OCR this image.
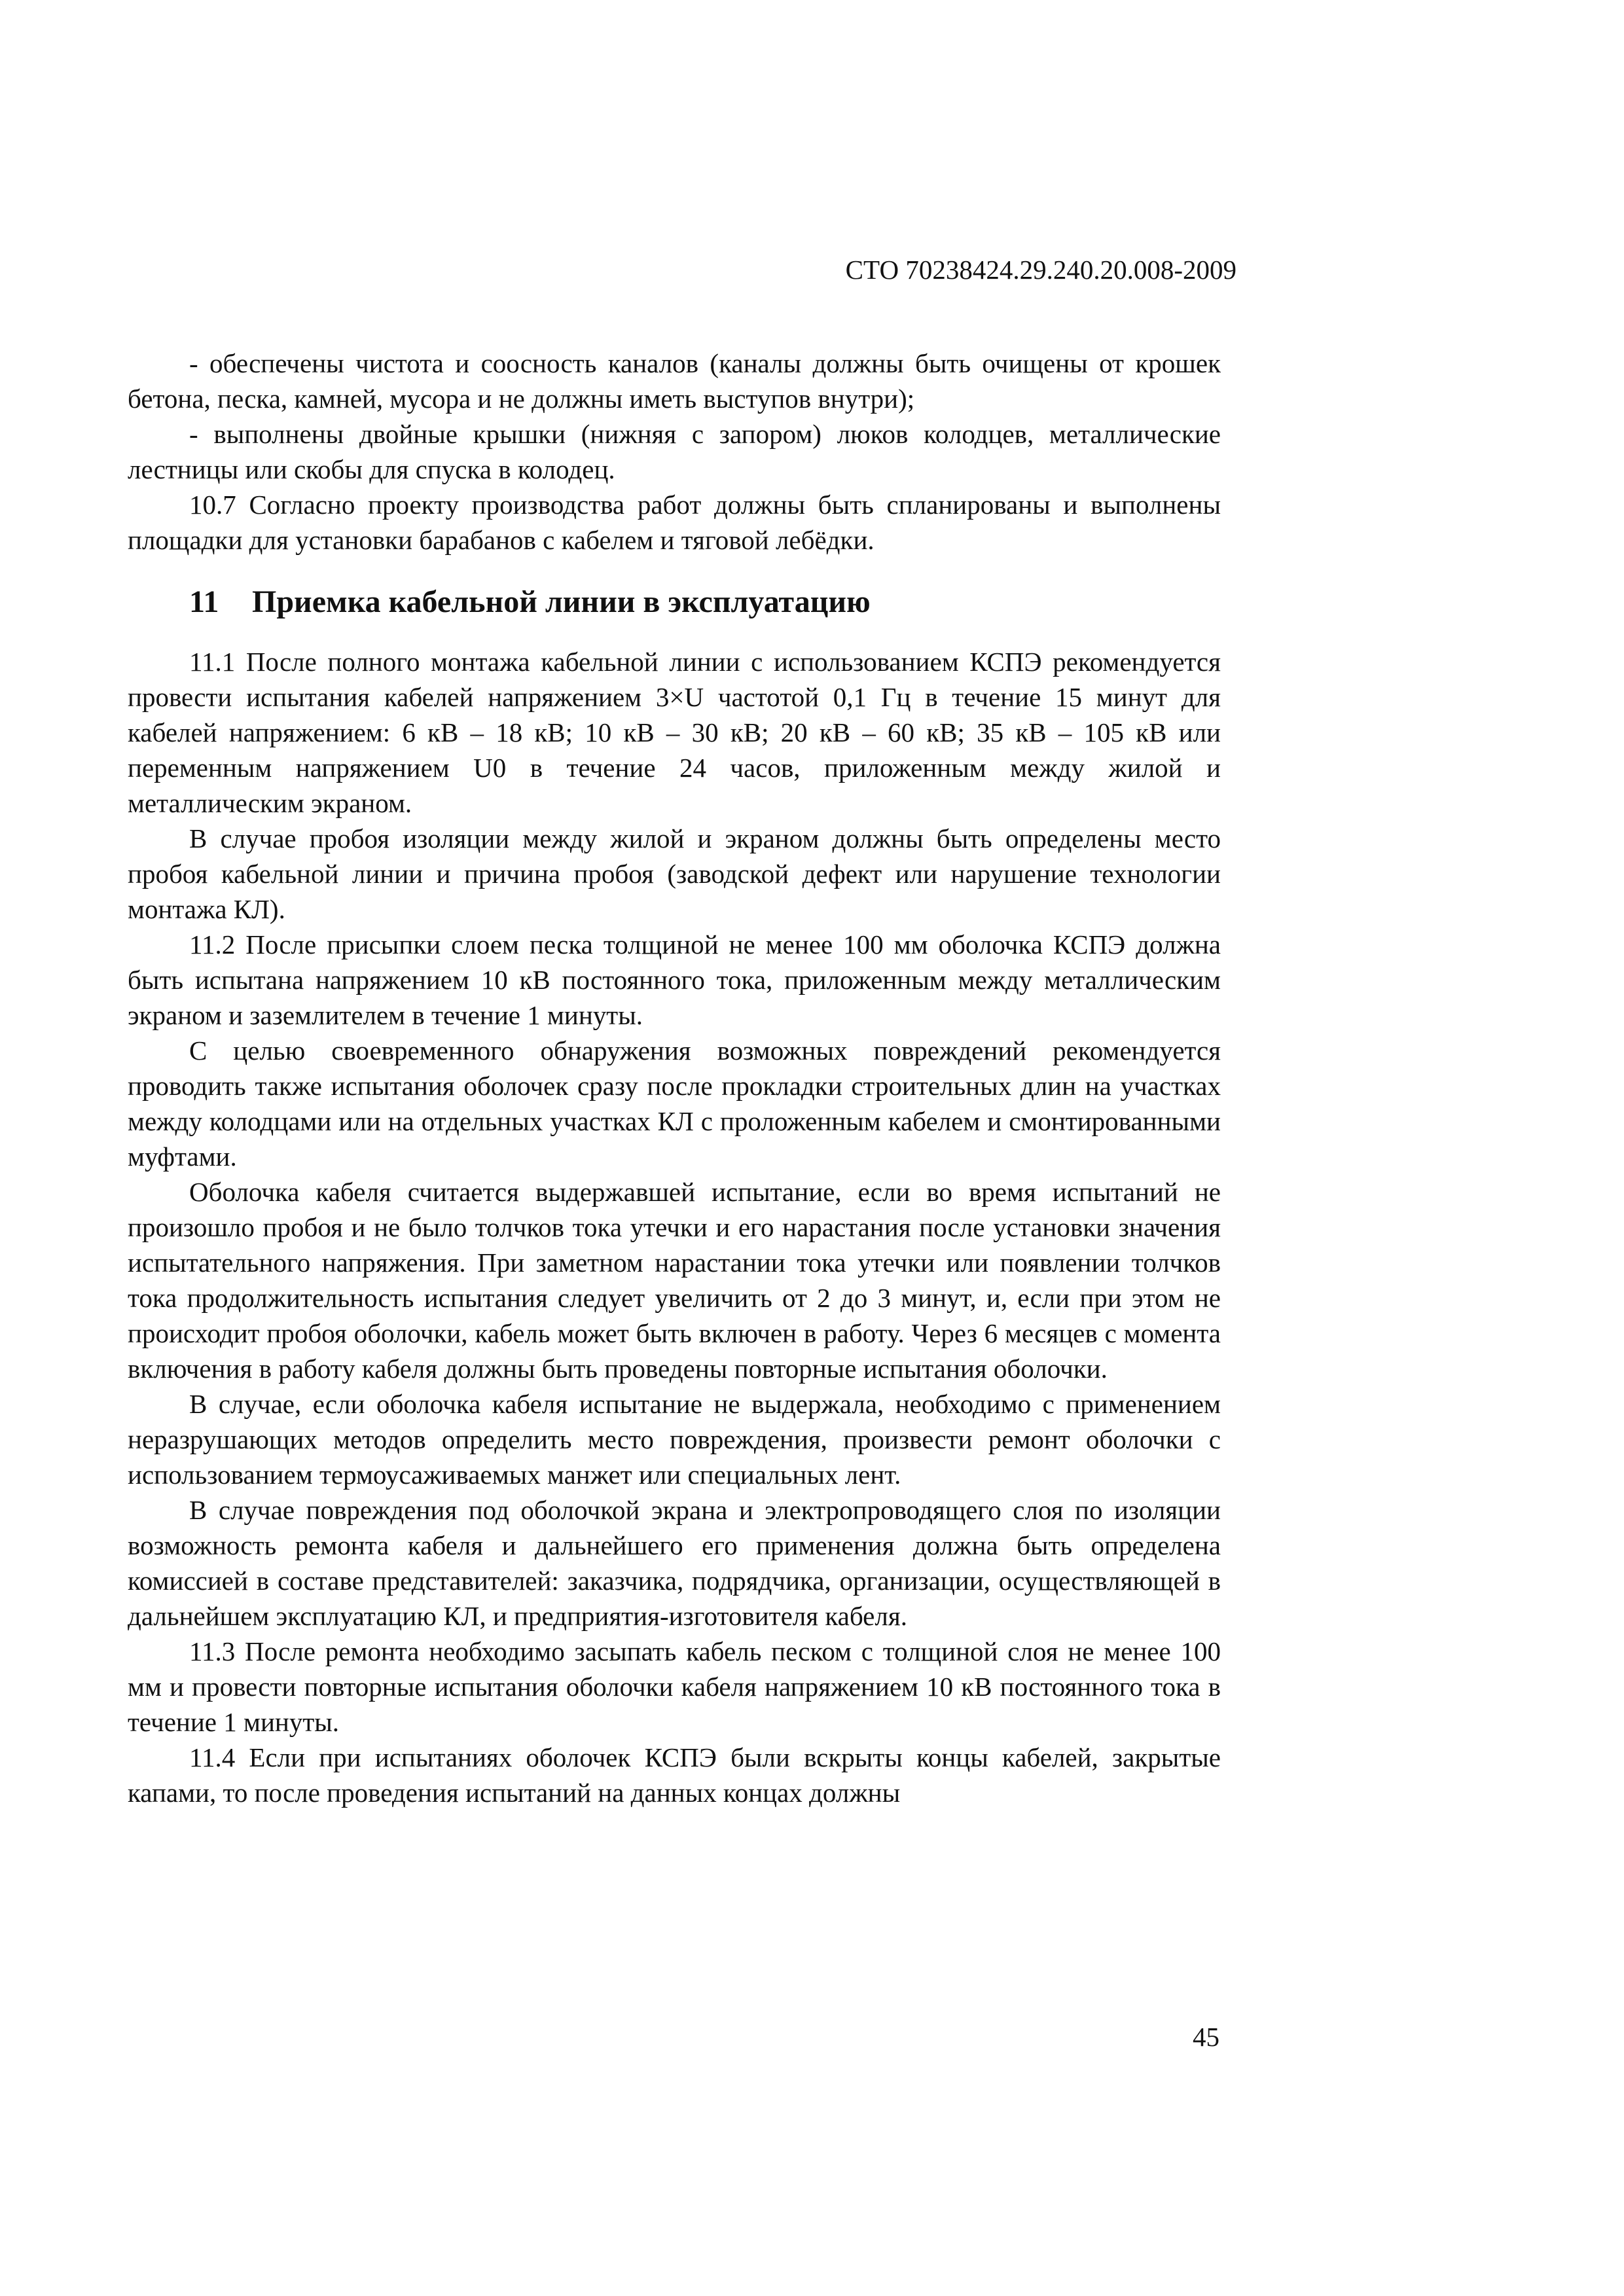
СТО 70238424.29.240.20.008-2009

- обеспечены чистота и соосность каналов (каналы должны быть очищены от крошек бетона, песка, камней, мусора и не должны иметь выступов внутри);

- выполнены двойные крышки (нижняя с запором) люков колодцев, металлические лестницы или скобы для спуска в колодец.

10.7 Согласно проекту производства работ должны быть спланированы и выполнены площадки для установки барабанов с кабелем и тяговой лебёдки.

11 Приемка кабельной линии в эксплуатацию

11.1 После полного монтажа кабельной линии с использованием КСПЭ рекомендуется провести испытания кабелей напряжением 3×U частотой 0,1 Гц в течение 15 минут для кабелей напряжением: 6 кВ – 18 кВ; 10 кВ – 30 кВ; 20 кВ – 60 кВ; 35 кВ – 105 кВ или переменным напряжением U0 в течение 24 часов, приложенным между жилой и металлическим экраном.

В случае пробоя изоляции между жилой и экраном должны быть определены место пробоя кабельной линии и причина пробоя (заводской дефект или нарушение технологии монтажа КЛ).

11.2 После присыпки слоем песка толщиной не менее 100 мм оболочка КСПЭ должна быть испытана напряжением 10 кВ постоянного тока, приложенным между металлическим экраном и заземлителем в течение 1 минуты.

С целью своевременного обнаружения возможных повреждений рекомендуется проводить также испытания оболочек сразу после прокладки строительных длин на участках между колодцами или на отдельных участках КЛ с проложенным кабелем и смонтированными муфтами.

Оболочка кабеля считается выдержавшей испытание, если во время испытаний не произошло пробоя и не было толчков тока утечки и его нарастания после установки значения испытательного напряжения. При заметном нарастании тока утечки или появлении толчков тока продолжительность испытания следует увеличить от 2 до 3 минут, и, если при этом не происходит пробоя оболочки, кабель может быть включен в работу. Через 6 месяцев с момента включения в работу кабеля должны быть проведены повторные испытания оболочки.

В случае, если оболочка кабеля испытание не выдержала, необходимо с применением неразрушающих методов определить место повреждения, произвести ремонт оболочки с использованием термоусаживаемых манжет или специальных лент.

В случае повреждения под оболочкой экрана и электропроводящего слоя по изоляции возможность ремонта кабеля и дальнейшего его применения должна быть определена комиссией в составе представителей: заказчика, подрядчика, организации, осуществляющей в дальнейшем эксплуатацию КЛ, и предприятия-изготовителя кабеля.

11.3 После ремонта необходимо засыпать кабель песком с толщиной слоя не менее 100 мм и провести повторные испытания оболочки кабеля напряжением 10 кВ постоянного тока в течение 1 минуты.

11.4 Если при испытаниях оболочек КСПЭ были вскрыты концы кабелей, закрытые капами, то после проведения испытаний на данных концах должны

45
